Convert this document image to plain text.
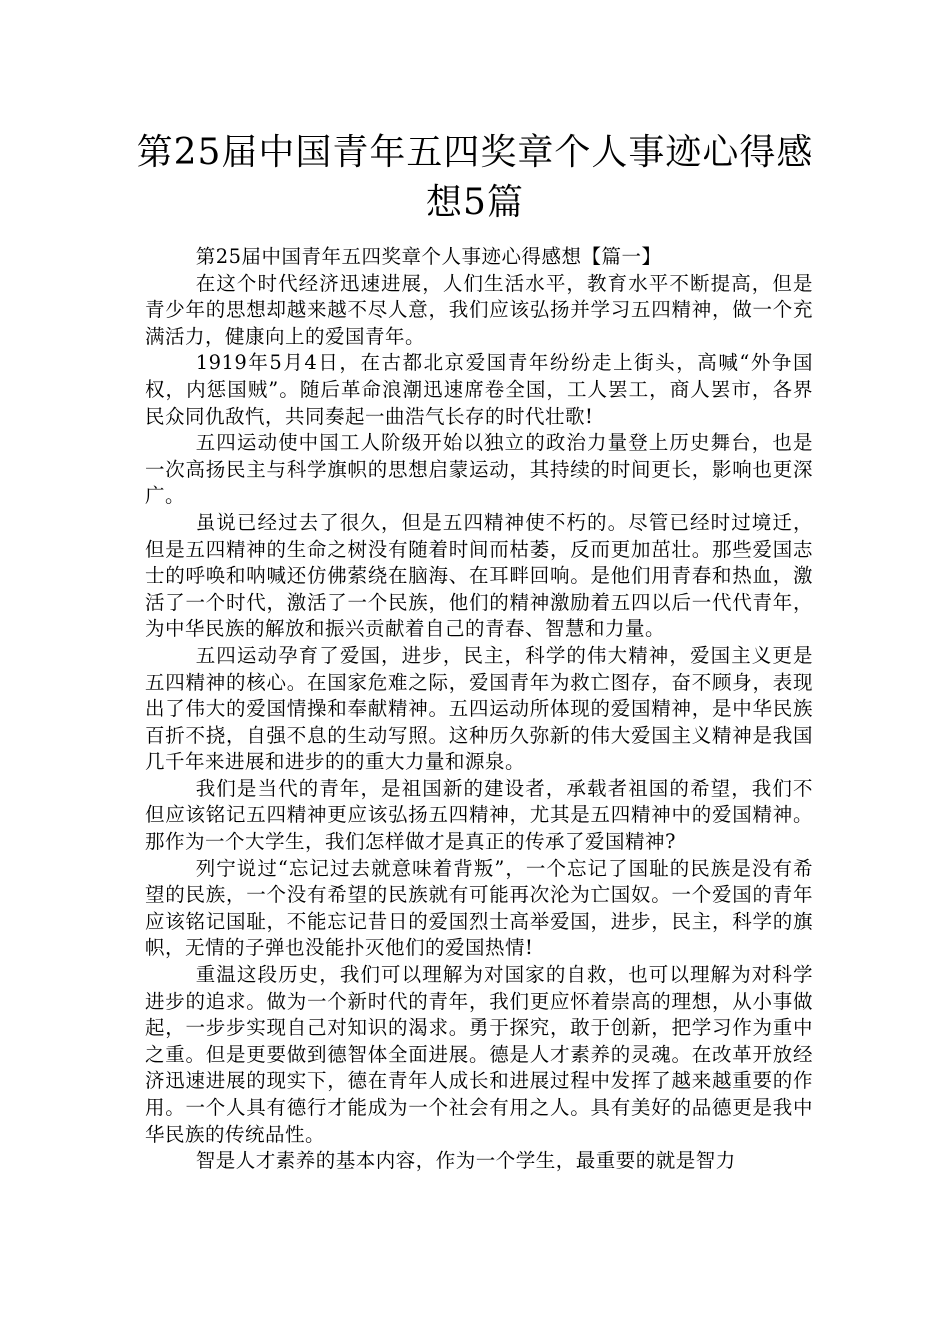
第25届中国青年五四奖章个人事迹心得感
想5篇

第25届中国青年五四奖章个人事迹心得感想【篇一】

在这个时代经济迅速进展，人们生活水平，教育水平不断提高，但是青少年的思想却越来越不尽人意，我们应该弘扬并学习五四精神，做一个充满活力，健康向上的爱国青年。

1919年5月4日，在古都北京爱国青年纷纷走上街头，高喊“外争国权，内惩国贼”。随后革命浪潮迅速席卷全国，工人罢工，商人罢市，各界民众同仇敌忾，共同奏起一曲浩气长存的时代壮歌!

五四运动使中国工人阶级开始以独立的政治力量登上历史舞台，也是一次高扬民主与科学旗帜的思想启蒙运动，其持续的时间更长，影响也更深广。

虽说已经过去了很久，但是五四精神使不朽的。尽管已经时过境迁，但是五四精神的生命之树没有随着时间而枯萎，反而更加茁壮。那些爱国志士的呼唤和呐喊还仿佛萦绕在脑海、在耳畔回响。是他们用青春和热血，激活了一个时代，激活了一个民族，他们的精神激励着五四以后一代代青年，为中华民族的解放和振兴贡献着自己的青春、智慧和力量。

五四运动孕育了爱国，进步，民主，科学的伟大精神，爱国主义更是五四精神的核心。在国家危难之际，爱国青年为救亡图存，奋不顾身，表现出了伟大的爱国情操和奉献精神。五四运动所体现的爱国精神，是中华民族百折不挠，自强不息的生动写照。这种历久弥新的伟大爱国主义精神是我国几千年来进展和进步的的重大力量和源泉。

我们是当代的青年，是祖国新的建设者，承载者祖国的希望，我们不但应该铭记五四精神更应该弘扬五四精神，尤其是五四精神中的爱国精神。那作为一个大学生，我们怎样做才是真正的传承了爱国精神?

列宁说过“忘记过去就意味着背叛”，一个忘记了国耻的民族是没有希望的民族，一个没有希望的民族就有可能再次沦为亡国奴。一个爱国的青年应该铭记国耻，不能忘记昔日的爱国烈士高举爱国，进步，民主，科学的旗帜，无情的子弹也没能扑灭他们的爱国热情!

重温这段历史，我们可以理解为对国家的自救，也可以理解为对科学进步的追求。做为一个新时代的青年，我们更应怀着崇高的理想，从小事做起，一步步实现自己对知识的渴求。勇于探究，敢于创新，把学习作为重中之重。但是更要做到德智体全面进展。德是人才素养的灵魂。在改革开放经济迅速进展的现实下，德在青年人成长和进展过程中发挥了越来越重要的作用。一个人具有德行才能成为一个社会有用之人。具有美好的品德更是我中华民族的传统品性。

智是人才素养的基本内容，作为一个学生，最重要的就是智力
